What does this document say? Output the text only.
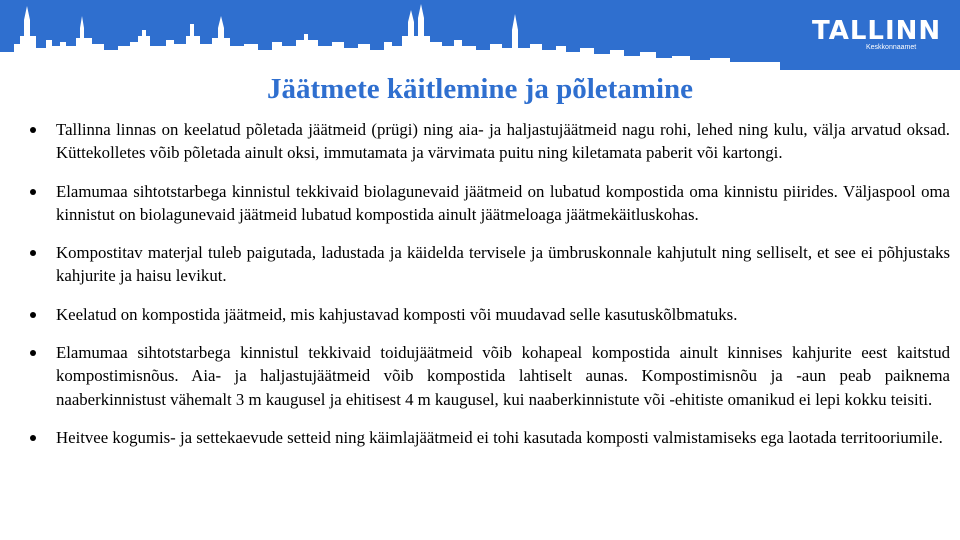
TALLINN
Keskkonnaamet
Jäätmete käitlemine ja põletamine
Tallinna linnas on keelatud põletada jäätmeid (prügi) ning aia- ja haljastujäätmeid nagu rohi, lehed ning kulu, välja arvatud oksad. Küttekolletes võib põletada ainult oksi, immutamata ja värvimata puitu ning kiletamata paberit või kartongi.
Elamumaa sihtotstarbega kinnistul tekkivaid biolagunevaid jäätmeid on lubatud kompostida oma kinnistu piirides. Väljaspool oma kinnistut on biolagunevaid jäätmeid lubatud kompostida ainult jäätmeloaga jäätmekäitluskohas.
Kompostitav materjal tuleb paigutada, ladustada ja käidelda tervisele ja ümbruskonnale kahjutult ning selliselt, et see ei põhjustaks kahjurite ja haisu levikut.
Keelatud on kompostida jäätmeid, mis kahjustavad komposti või muudavad selle kasutuskõlbmatuks.
Elamumaa sihtotstarbega kinnistul tekkivaid toidujäätmeid võib kohapeal kompostida ainult kinnises kahjurite eest kaitstud kompostimisnõus. Aia- ja haljastujäätmeid võib kompostida lahtiselt aunas. Kompostimisnõu ja -aun peab paiknema naaberkinnistust vähemalt 3 m kaugusel ja ehitisest 4 m kaugusel, kui naaberkinnistute või -ehitiste omanikud ei lepi kokku teisiti.
Heitvee kogumis- ja settekaevude setteid ning käimlajäätmeid ei tohi kasutada komposti valmistamiseks ega laotada territooriumile.
